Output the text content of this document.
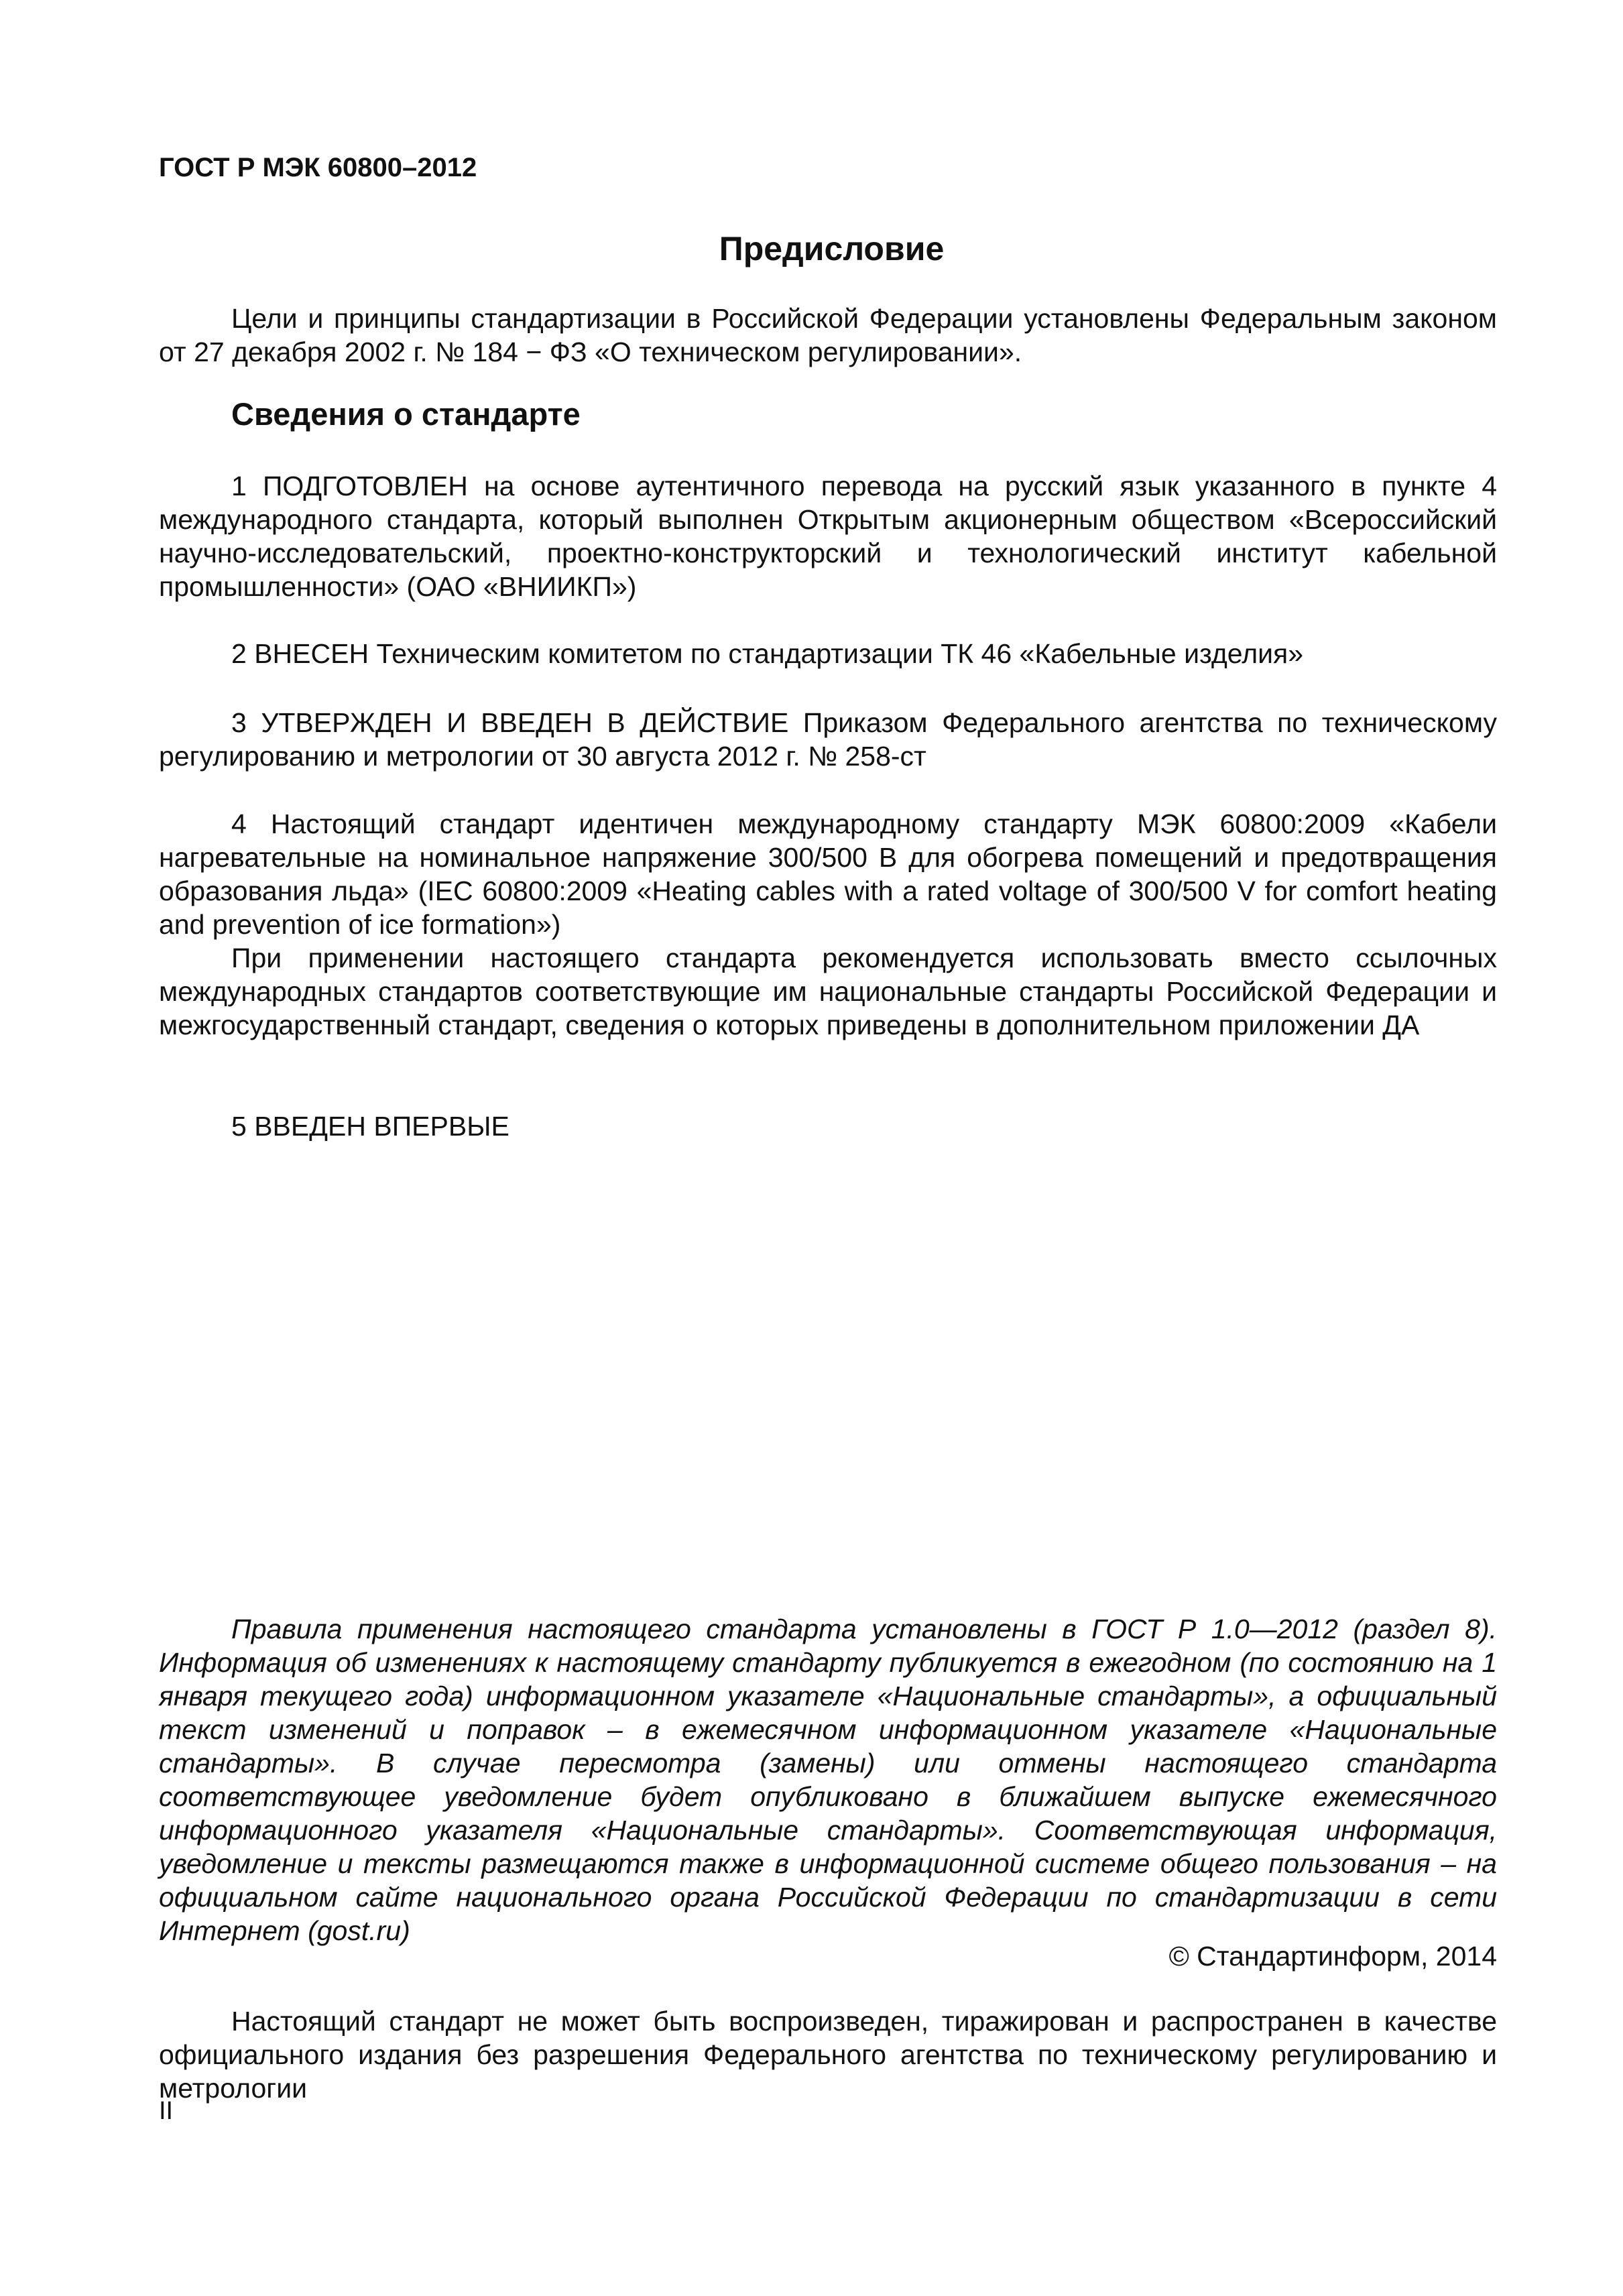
ГОСТ Р МЭК 60800–2012

Предисловие

Цели и принципы стандартизации в Российской Федерации установлены Федеральным законом от 27 декабря 2002 г. № 184 − ФЗ «О техническом регулировании».

Сведения о стандарте

1 ПОДГОТОВЛЕН на основе аутентичного перевода на русский язык указанного в пункте 4 международного стандарта, который выполнен Открытым акционерным обществом «Всероссийский научно-исследовательский, проектно-конструкторский и технологический институт кабельной промышленности» (ОАО «ВНИИКП»)

2 ВНЕСЕН Техническим комитетом по стандартизации ТК 46 «Кабельные изделия»

3 УТВЕРЖДЕН И ВВЕДЕН В ДЕЙСТВИЕ Приказом Федерального агентства по техническому регулированию и метрологии от 30 августа 2012 г. № 258-ст

4 Настоящий стандарт идентичен международному стандарту МЭК 60800:2009 «Кабели нагревательные на номинальное напряжение 300/500 В для обогрева помещений и предотвращения образования льда» (IEC 60800:2009 «Heating cables with a rated voltage of 300/500 V for comfort heating and prevention of ice formation»)

При применении настоящего стандарта рекомендуется использовать вместо ссылочных международных стандартов соответствующие им национальные стандарты Российской Федерации и межгосударственный стандарт, сведения о которых приведены в дополнительном приложении ДА

5 ВВЕДЕН ВПЕРВЫЕ

Правила применения настоящего стандарта установлены в ГОСТ Р 1.0—2012 (раздел 8). Информация об изменениях к настоящему стандарту публикуется в ежегодном (по состоянию на 1 января текущего года) информационном указателе «Национальные стандарты», а официальный текст изменений и поправок – в ежемесячном информационном указателе «Национальные стандарты». В случае пересмотра (замены) или отмены настоящего стандарта соответствующее уведомление будет опубликовано в ближайшем выпуске ежемесячного информационного указателя «Национальные стандарты». Соответствующая информация, уведомление и тексты размещаются также в информационной системе общего пользования – на официальном сайте национального органа Российской Федерации по стандартизации в сети Интернет (gost.ru)

© Стандартинформ, 2014

Настоящий стандарт не может быть воспроизведен, тиражирован и распространен в качестве официального издания без разрешения Федерального агентства по техническому регулированию и метрологии

II
